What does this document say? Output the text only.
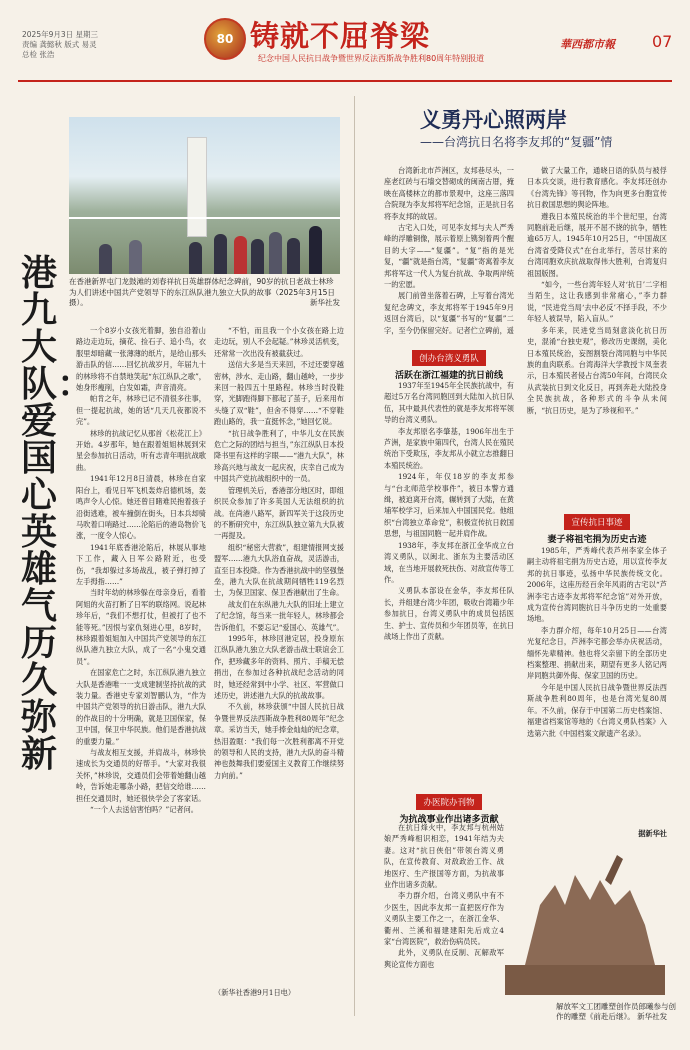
2025年9月3日 星期三
责编 龚懿秋 版式 易灵
总检 张浩
80 铸就不屈脊梁
纪念中国人民抗日战争暨世界反法西斯战争胜利80周年特别报道
華西都市報 07
在香港新界屯门龙鼓滩的刘春祥抗日英雄群体纪念碑前，90岁的抗日老战士林珍为人们讲述中国共产党领导下的东江纵队港九独立大队的故事（2025年3月15日摄）。	新华社发
港九大队：爱国心英雄气历久弥新

一个8岁小女孩光着脚，独自沿着山路边走边玩，摘花、捡石子、追小鸟，衣服里却暗藏一张薄薄的纸片，是给山那头游击队的信……回忆抗战岁月，年届九十的林珍将不自禁地笑起“东江纵队之歌”，她身形瘦削，白发如霜，声音清亮。

帕肯之年，林珍已记不清很多往事，但一提起抗战，她的话“几天几夜都说不完”。

林珍的抗战记忆从那首《松花江上》开始。4岁那年，她在跟着姐姐林展到宋星会参加抗日活动，听有志青年唱抗战歌曲。

1941年12月8日清晨，林珍在自家阳台上，看见日军飞机轰炸启德机场，轰鸣声令人心惊。她还曾目睹难民抱着孩子沿街逃难，被车撞倒在街头，日本兵却骑马吹着口哨路过……沦陷后的港岛物价飞涨，一度令人惊心。

1941年底香港沦陷后，林展从事地下工作，藏入日军公路附近，也受伤，“我却躲过多场战乱，被子弹打掉了左手拇指……”

当时年幼的林珍躲在母亲身后，看着阿姐的火苗打断了日军的联络网。说起林珍年后，“我们不想打仗，但被打了也不能等死。”因恨与家仇刻进心里，8岁时，林珍跟着姐姐加入中国共产党领导的东江纵队港九独立大队，成了一名“小鬼交通员”。

在国家危亡之时，东江纵队港九独立大队是香港唯一一支成建制坚持抗战的武装力量。香港史专家刘智鹏认为，“作为中国共产党领导的抗日游击队，港九大队的作战目的十分明确，就是卫国保家，保卫中国，保卫中华民族。他们是香港抗战的重要力量。”

与战友相互支援，并肩战斗，林珍快速成长为交通员的好帮手。“大家对我很关怀，”林珍说，交通员们会带着她翻山越岭，告诉她走哪条小路，把信交给谁……担任交通员时，她还很快学会了客家话。

“一个人去送信害怕吗？”记者问。

“不怕，而且我一个小女孩在路上边走边玩，别人不会起疑。”林珍灵活机变，还常常一次出没有被截获过。

送信大多是当天来回，不过还要穿越密林，涉水、走山路，翻山越岭，一步步来回一般四五十里路程。林珍当时没鞋穿，光脚跑得脚下都起了茧子，后来用布头缝了双“鞋”，但舍不得穿……“不穿鞋跑山路的，我一直挺怀念，”她回忆说。

“抗日战争胜利了，中华儿女在民族危亡之际的团结与担当，”东江纵队日本投降书里有这样的字眼——“港九大队”，林珍高兴地与战友一起庆祝，庆幸自己成为中国共产党抗战组织中的一员。

管理机关后，香港部分地区时，即组织民众参加了许多英国人无法组织的抗战。在尚港八路军，新四军关于这段历史的不断研究中，东江纵队独立第九大队被一再提及。

组织“秘密大营救”，组建情报网支援盟军……港九大队浴血奋战，灵活游击，直至日本投降。作为香港抗战中的坚强堡垒，港九大队在抗战期间牺牲119名烈士，为保卫国家、保卫香港献出了生命。

战友们在东纵港九大队的旧址上建立了纪念馆，每当来一批年轻人，林珍都会告诉他们，不要忘记“爱国心、英雄气”。

1995年，林珍回港定居，投身原东江纵队港九独立大队老游击战士联谊会工作，把珍藏多年的资料、照片、手稿无偿捐出，在参加过各种抗战纪念活动的同时，她还经常到中小学、社区、军营做口述历史，讲述港九大队的抗战故事。

不久前，林珍获颁“中国人民抗日战争暨世界反法西斯战争胜利80周年”纪念章。采访当天，她手捧金灿灿的纪念章，热泪盈眶：“我们每一次胜利都离不开党的领导和人民的支持，港九大队的奋斗精神也鼓舞我们要爱国主义教育工作继续努力向前。”

（新华社香港9月1日电）
义勇丹心照两岸
——台湾抗日名将李友邦的“复疆”情

台湾新北市芦洲区，友邦巷尽头，一座老红砖与石墙交替砌成的闽南古厝，掩映在高楼林立的都市景观中，这座三落四合院现为李友邦将军纪念馆，正是抗日名将李友邦的故居。

古宅入口处，可见李友邦与夫人严秀峰的浮雕铜像，展示着原上镌刻着两个醒目的大字——“复疆”。“复”指的是光复，“疆”就是指台湾，“复疆”寄寓着李友邦将军这一代人为复台抗战、争取两岸统一的宏愿。

展门前曾坐落着石碑，上写着台湾光复纪念碑文，李友邦将军于1945年9月返回台湾后，以“复疆”书写的“复疆”二字，至今仍保留完好。记者伫立碑前，遥

创办台湾义勇队
活跃在浙江福建的抗日前线

1937年至1945年全民族抗战中，有超过5万名台湾同胞回到大陆加入抗日队伍，其中最具代表性的就是李友邦将军领导的台湾义勇队。

李友邦原名李肇基，1906年出生于芦洲，是家族中第四代，台湾人民在殖民统治下受欺压，李友邦从小就立志推翻日本殖民统治。

1924年，年仅18岁的李友邦参与“台北师范学校事件”，被日本警方通缉，被迫离开台湾，辗转到了大陆，在黄埔军校学习，后来加入中国国民党。他组织“台湾独立革命党”，积极宣传抗日救国思想，与祖国同胞一起并肩作战。

1938年，李友邦在浙江金华成立台湾义勇队，以闽北、浙东为主要活动区域，在当地开展救死扶伤、对敌宣传等工作。

义勇队本部设在金华，李友邦任队长，并组建台湾少年团，吸收台湾籍少年参加抗日，台湾义勇队中的成员包括医生、护士、宣传员和少年团员等，在抗日战场上作出了贡献。

办医院办刊物
为抗战事业作出诸多贡献

在抗日烽火中，李友邦与杭州姑娘严秀峰相识相恋，1941年结为夫妻。这对“抗日侠侣”带领台湾义勇队，在宣传教育、对敌政治工作、战地医疗、生产报国等方面，为抗战事业作出诸多贡献。

李力群介绍，台湾义勇队中有不少医生，因此李友邦一直把医疗作为义勇队主要工作之一，在浙江金华、衢州、兰溪和福建建阳先后成立4家“台湾医院”，救治伤病员民。

此外，义勇队在反制、瓦解敌军舆论宣传方面也

做了大量工作，通晓日语的队员与被俘日本兵交谈，进行教育感化。李友邦还创办《台湾先锋》等刊物，作为向更多台胞宣传抗日救国思想的舆论阵地。

遵我日本殖民统治的半个世纪里，台湾同胞前赴后继，展开不屈不挠的抗争，牺牲逾65万人。1945年10月25日，“中国战区台湾省受降仪式”在台北举行，苦尽甘来的台湾同胞欢庆抗战取得伟大胜利，台湾复归祖国版图。

“如今，一些台湾年轻人对‘抗日’二字相当陌生，这让我感到非常痛心，”李力群说，“民进党当局‘去中必反’不择手段，不少年轻人被误导，陷入盲从。”

多年来，民进党当局刻意淡化抗日历史，混淆“台独史观”，修改历史课纲，美化日本殖民统治，妄图割裂台湾同胞与中华民族的血肉联系。台湾海洋大学教授卞凤奎表示，日本殖民者侵占台湾50年间，台湾民众从武装抗日到文化反日，再到奔赴大陆投身全民族抗战，各种形式的斗争从未间断，“抗日历史，是为了珍视和平。”

宣传抗日事迹
妻子将祖宅捐为历史古迹

1985年，严秀峰代表芦州李家全体子嗣主动将祖宅捐为历史古迹，用以宣传李友邦的抗日事迹，弘扬中华民族传统文化。2006年，这座历经百余年风雨的古宅以“芦洲李宅古迹李友邦将军纪念馆”对外开放，成为宣传台湾同胞抗日斗争历史的一处重要场地。

李力群介绍，每年10月25日——台湾光复纪念日，芦洲李宅都会举办庆祝活动，缅怀先辈精神。他也将父亲留下的全部历史档案整理、捐献出来，期望有更多人铭记两岸同胞共御外侮、保家卫国的历史。

今年是中国人民抗日战争暨世界反法西斯战争胜利80周年，也是台湾光复80周年。不久前，保存于中国第二历史档案馆、福建省档案馆等地的《台湾义勇队档案》入选第六批《中国档案文献遗产名录》。

据新华社
解放军文工团雕塑创作员郎曦参与创作的雕塑《前赴后继》。 新华社发
